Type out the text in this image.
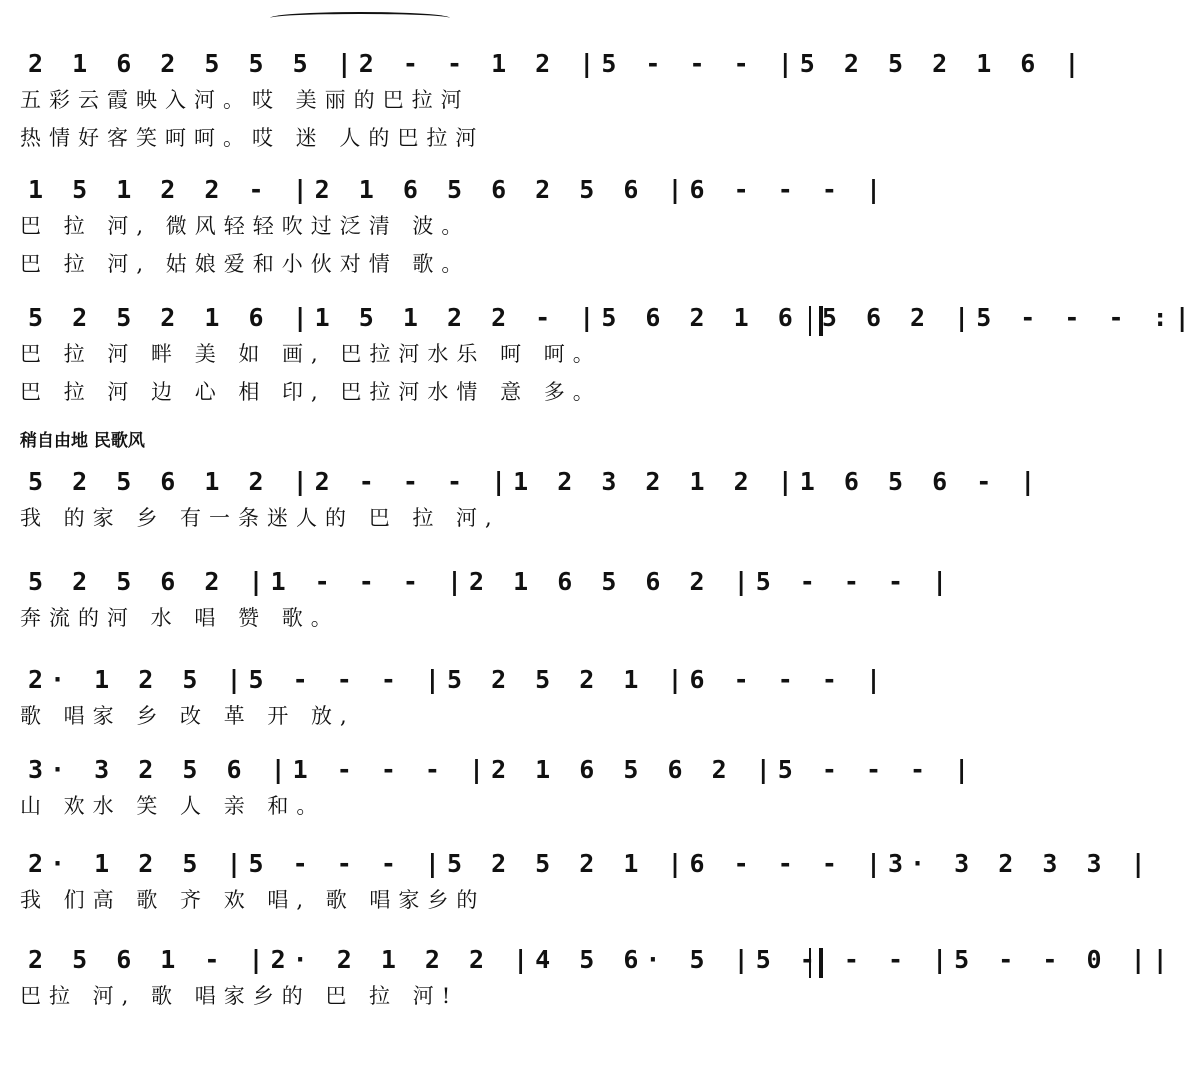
2 1 6 2 5 5 5 |2 - - 1 2 |5 - - - |5 2 5 2 1 6 |
五彩云霞映入河。哎 美丽的巴拉河
热情好客笑呵呵。哎 迷 人的巴拉河
1 5 1 2 2 - |2 1 6 5 6 2 5 6 |6 - - - |
巴 拉 河, 微风轻轻吹过泛清 波。
巴 拉 河, 姑娘爱和小伙对情 歌。
5 2 5 2 1 6 |1 5 1 2 2 - |5 6 2 1 6 5 6 2 |5 - - - :|
巴 拉 河 畔 美 如 画, 巴拉河水乐 呵 呵。
巴 拉 河 边 心 相 印, 巴拉河水情 意 多。
稍自由地 民歌风
5 2 5 6 1 2 |2 - - - |1 2 3 2 1 2 |1 6 5 6 - |
我 的家 乡 有一条迷人的 巴 拉 河,
5 2 5 6 2 |1 - - - |2 1 6 5 6 2 |5 - - - |
奔流的河 水 唱 赞 歌。
2· 1 2 5 |5 - - - |5 2 5 2 1 |6 - - - |
歌 唱家 乡 改 革 开 放,
3· 3 2 5 6 |1 - - - |2 1 6 5 6 2 |5 - - - |
山 欢水 笑 人 亲 和。
2· 1 2 5 |5 - - - |5 2 5 2 1 |6 - - - |3· 3 2 3 3 |
我 们高 歌 齐 欢 唱, 歌 唱家乡的
2 5 6 1 - |2· 2 1 2 2 |4 5 6· 5 |5 - - - |5 - - 0 ||
巴拉 河, 歌 唱家乡的 巴 拉 河!
